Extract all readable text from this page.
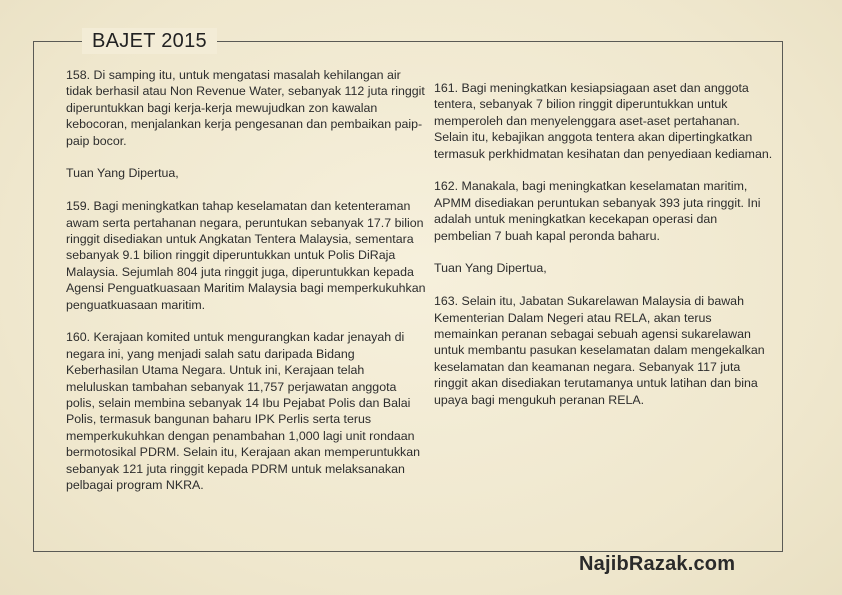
BAJET 2015

158. Di samping itu, untuk mengatasi masalah kehilangan air tidak berhasil atau Non Revenue Water, sebanyak 112 juta ringgit diperuntukkan bagi kerja-kerja mewujudkan zon kawalan kebocoran, menjalankan kerja pengesanan dan pembaikan paip-paip bocor.

Tuan Yang Dipertua,

159. Bagi meningkatkan tahap keselamatan dan ketenteraman awam serta pertahanan negara, peruntukan sebanyak 17.7 bilion ringgit disediakan untuk Angkatan Tentera Malaysia, sementara sebanyak 9.1 bilion ringgit diperuntukkan untuk Polis DiRaja Malaysia. Sejumlah 804 juta ringgit juga, diperuntukkan kepada Agensi Penguatkuasaan Maritim Malaysia bagi memperkukuhkan penguatkuasaan maritim.

160. Kerajaan komited untuk mengurangkan kadar jenayah di negara ini, yang menjadi salah satu daripada Bidang Keberhasilan Utama Negara. Untuk ini, Kerajaan telah meluluskan tambahan sebanyak 11,757 perjawatan anggota polis, selain membina sebanyak 14 Ibu Pejabat Polis dan Balai Polis, termasuk bangunan baharu IPK Perlis serta terus memperkukuhkan dengan penambahan 1,000 lagi unit rondaan bermotosikal PDRM. Selain itu, Kerajaan akan memperuntukkan sebanyak 121 juta ringgit kepada PDRM untuk melaksanakan pelbagai program NKRA.

161. Bagi meningkatkan kesiapsiagaan aset dan anggota tentera, sebanyak 7 bilion ringgit diperuntukkan untuk memperoleh dan menyelenggara aset-aset pertahanan. Selain itu, kebajikan anggota tentera akan dipertingkatkan termasuk perkhidmatan kesihatan dan penyediaan kediaman.

162. Manakala, bagi meningkatkan keselamatan maritim, APMM disediakan peruntukan sebanyak 393 juta ringgit. Ini adalah untuk meningkatkan kecekapan operasi dan pembelian 7 buah kapal peronda baharu.

Tuan Yang Dipertua,

163. Selain itu, Jabatan Sukarelawan Malaysia di bawah Kementerian Dalam Negeri atau RELA, akan terus memainkan peranan sebagai sebuah agensi sukarelawan untuk membantu pasukan keselamatan dalam mengekalkan keselamatan dan keamanan negara. Sebanyak 117 juta ringgit akan disediakan terutamanya untuk latihan dan bina upaya bagi mengukuh peranan RELA.

NajibRazak.com
